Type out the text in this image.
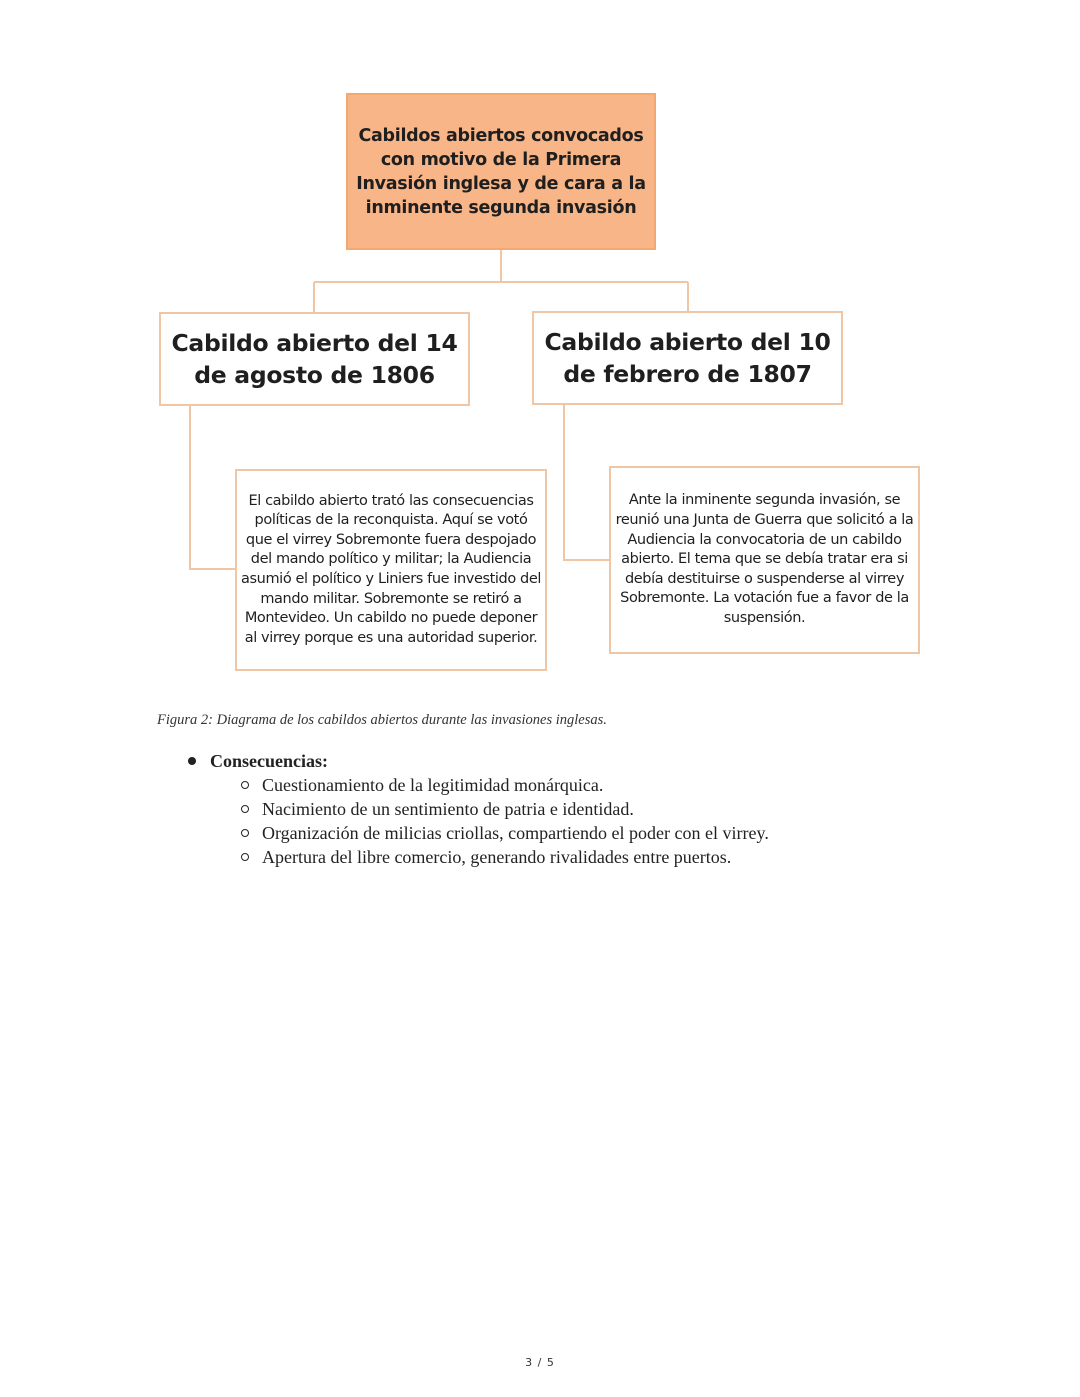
Cabildos abiertos convocados con motivo de la Primera Invasión inglesa y de cara a la inminente segunda invasión
Cabildo abierto del 14 de agosto de 1806
Cabildo abierto del 10 de febrero de 1807
El cabildo abierto trató las consecuencias políticas de la reconquista. Aquí se votó que el virrey Sobremonte fuera despojado del mando político y militar; la Audiencia asumió el político y Liniers fue investido del mando militar. Sobremonte se retiró a Montevideo. Un cabildo no puede deponer al virrey porque es una autoridad superior.
Ante la inminente segunda invasión, se reunió una Junta de Guerra que solicitó a la Audiencia la convocatoria de un cabildo abierto. El tema que se debía tratar era si debía destituirse o suspenderse al virrey Sobremonte. La votación fue a favor de la suspensión.

Figura 2: Diagrama de los cabildos abiertos durante las invasiones inglesas.

Consecuencias:
Cuestionamiento de la legitimidad monárquica.
Nacimiento de un sentimiento de patria e identidad.
Organización de milicias criollas, compartiendo el poder con el virrey.
Apertura del libre comercio, generando rivalidades entre puertos.
3 / 5
